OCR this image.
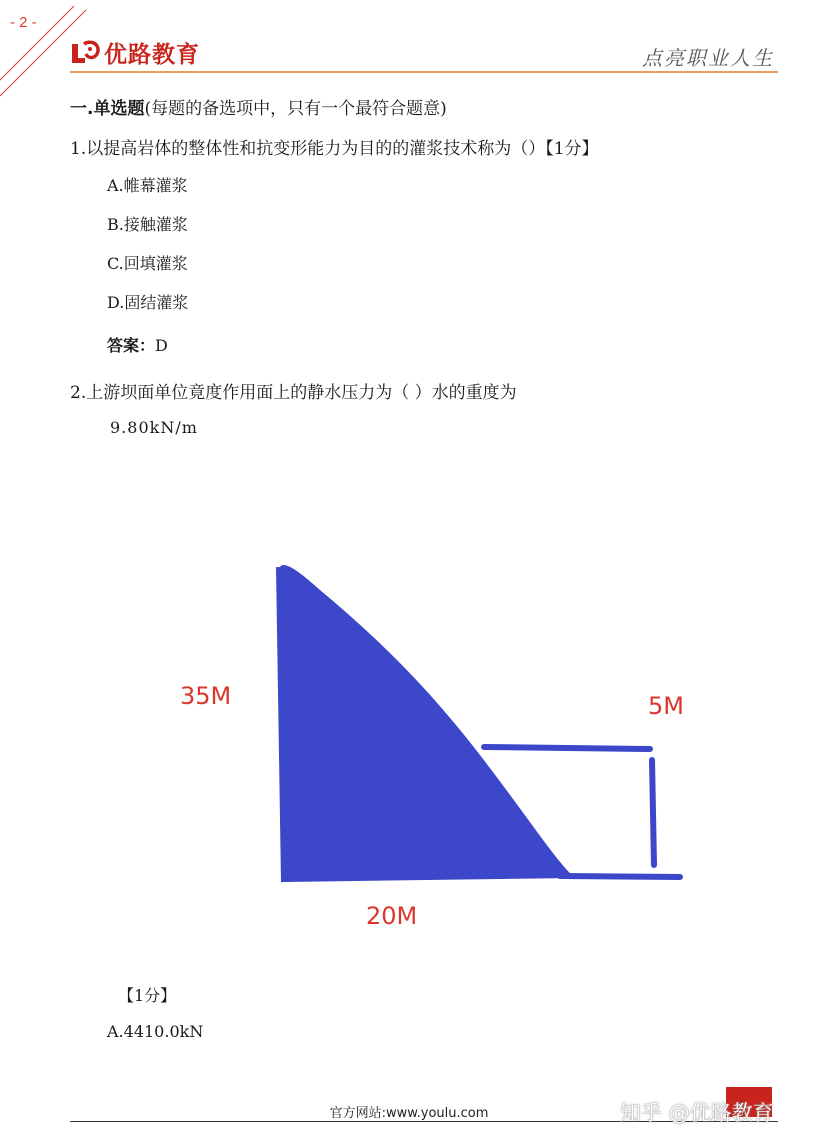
- 2 -
优路教育	点亮职业人生
一.单选题(每题的备选项中，只有一个最符合题意)
1.以提高岩体的整体性和抗变形能力为目的的灌浆技术称为（）【1分】
A.帷幕灌浆
B.接触灌浆
C.回填灌浆
D.固结灌浆
答案：D
2.上游坝面单位竟度作用面上的静水压力为（ ）水的重度为
9.80kN/m
35M	5M
20M
【1分】
A.4410.0kN
官方网站:www.youlu.com	知乎 @优路教育
